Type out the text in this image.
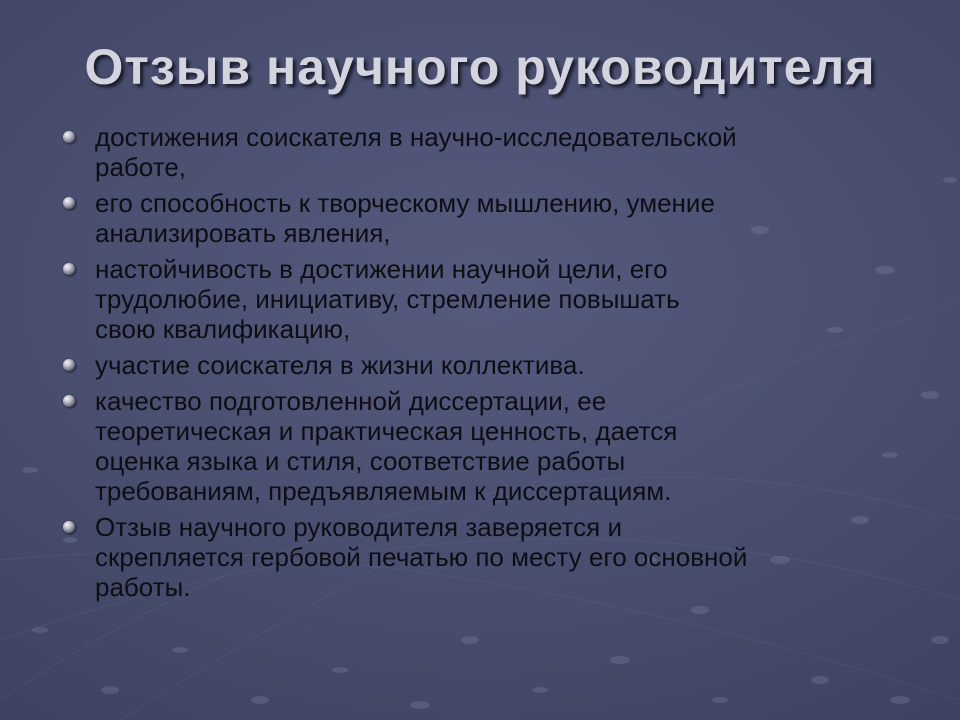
Отзыв научного руководителя
достижения соискателя в научно-исследовательской
работе,
его способность к творческому мышлению, умение
анализировать явления,
настойчивость в достижении научной цели, его
трудолюбие, инициативу, стремление повышать
свою квалификацию,
участие соискателя в жизни коллектива.
качество подготовленной диссертации, ее
теоретическая и практическая ценность, дается
оценка языка и стиля, соответствие работы
требованиям, предъявляемым к диссертациям.
Отзыв научного руководителя заверяется и
скрепляется гербовой печатью по месту его основной
работы.
